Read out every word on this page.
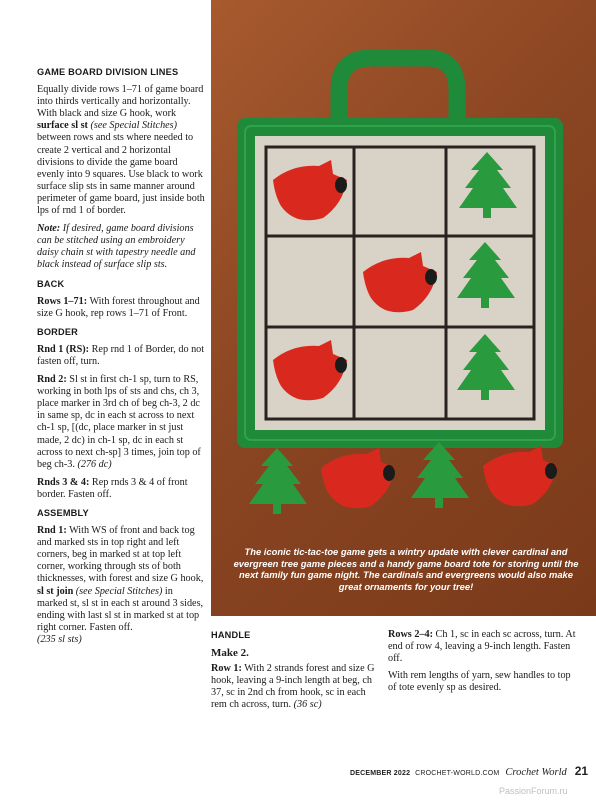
GAME BOARD DIVISION LINES

Equally divide rows 1–71 of game board into thirds vertically and horizontally. With black and size G hook, work surface sl st (see Special Stitches) between rows and sts where needed to create 2 vertical and 2 horizontal divisions to divide the game board evenly into 9 squares. Use black to work surface slip sts in same manner around perimeter of game board, just inside both lps of rnd 1 of border.

Note: If desired, game board divisions can be stitched using an embroidery daisy chain st with tapestry needle and black instead of surface slip sts.

BACK

Rows 1–71: With forest throughout and size G hook, rep rows 1–71 of Front.

BORDER

Rnd 1 (RS): Rep rnd 1 of Border, do not fasten off, turn.

Rnd 2: Sl st in first ch-1 sp, turn to RS, working in both lps of sts and chs, ch 3, place marker in 3rd ch of beg ch-3, 2 dc in same sp, dc in each st across to next ch-1 sp, [(dc, place marker in st just made, 2 dc) in ch-1 sp, dc in each st across to next ch-sp] 3 times, join top of beg ch-3. (276 dc)

Rnds 3 & 4: Rep rnds 3 & 4 of front border. Fasten off.

ASSEMBLY

Rnd 1: With WS of front and back tog and marked sts in top right and left corners, beg in marked st at top left corner, working through sts of both thicknesses, with forest and size G hook, sl st join (see Special Stitches) in marked st, sl st in each st around 3 sides, ending with last sl st in marked st at top right corner. Fasten off.
(235 sl sts)

The iconic tic-tac-toe game gets a wintry update with clever cardinal and evergreen tree game pieces and a handy game board tote for storing until the next family fun game night. The cardinals and evergreens would also make great ornaments for your tree!
HANDLE
Make 2.

Row 1: With 2 strands forest and size G hook, leaving a 9-inch length at beg, ch 37, sc in 2nd ch from hook, sc in each rem ch across, turn. (36 sc)

Rows 2–4: Ch 1, sc in each sc across, turn. At end of row 4, leaving a 9-inch length. Fasten off.

With rem lengths of yarn, sew handles to top of tote evenly sp as desired.

DECEMBER 2022 CROCHET-WORLD.COM Crochet World 21
PassionForum.ru
